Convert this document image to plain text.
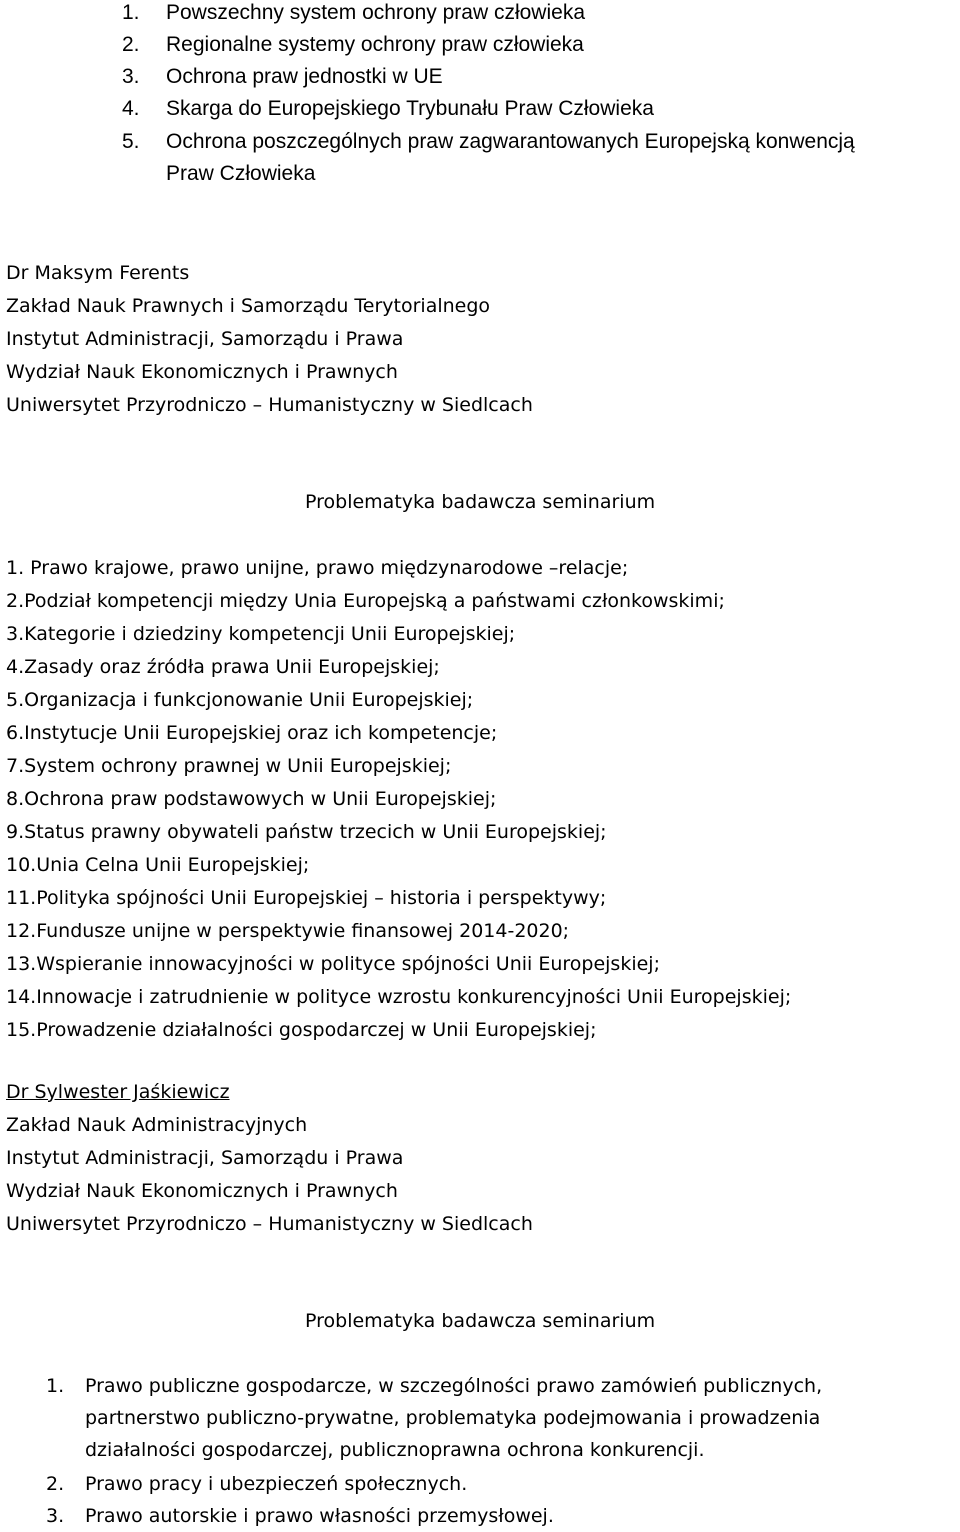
1. Powszechny system ochrony praw człowieka
2. Regionalne systemy ochrony praw człowieka
3. Ochrona praw jednostki w UE
4. Skarga do Europejskiego Trybunału Praw Człowieka
5. Ochrona poszczególnych praw zagwarantowanych Europejską konwencją
Praw Człowieka
Dr Maksym Ferents
Zakład Nauk Prawnych i Samorządu Terytorialnego
Instytut Administracji, Samorządu i Prawa
Wydział Nauk Ekonomicznych i Prawnych
Uniwersytet Przyrodniczo – Humanistyczny w Siedlcach
Problematyka badawcza seminarium
1. Prawo krajowe, prawo unijne, prawo międzynarodowe –relacje;
2.Podział kompetencji między Unia Europejską a państwami członkowskimi;
3.Kategorie i dziedziny kompetencji Unii Europejskiej;
4.Zasady oraz źródła prawa Unii Europejskiej;
5.Organizacja i funkcjonowanie Unii Europejskiej;
6.Instytucje Unii Europejskiej oraz ich kompetencje;
7.System ochrony prawnej w Unii Europejskiej;
8.Ochrona praw podstawowych w Unii Europejskiej;
9.Status prawny obywateli państw trzecich w Unii Europejskiej;
10.Unia Celna Unii Europejskiej;
11.Polityka spójności Unii Europejskiej – historia i perspektywy;
12.Fundusze unijne w perspektywie finansowej 2014-2020;
13.Wspieranie innowacyjności w polityce spójności Unii Europejskiej;
14.Innowacje i zatrudnienie w polityce wzrostu konkurencyjności Unii Europejskiej;
15.Prowadzenie działalności gospodarczej w Unii Europejskiej;
Dr Sylwester Jaśkiewicz
Zakład Nauk Administracyjnych
Instytut Administracji, Samorządu i Prawa
Wydział Nauk Ekonomicznych i Prawnych
Uniwersytet Przyrodniczo – Humanistyczny w Siedlcach
Problematyka badawcza seminarium
1. Prawo publiczne gospodarcze, w szczególności prawo zamówień publicznych,
partnerstwo publiczno-prywatne, problematyka podejmowania i prowadzenia
działalności gospodarczej, publicznoprawna ochrona konkurencji.
2. Prawo pracy i ubezpieczeń społecznych.
3. Prawo autorskie i prawo własności przemysłowej.
